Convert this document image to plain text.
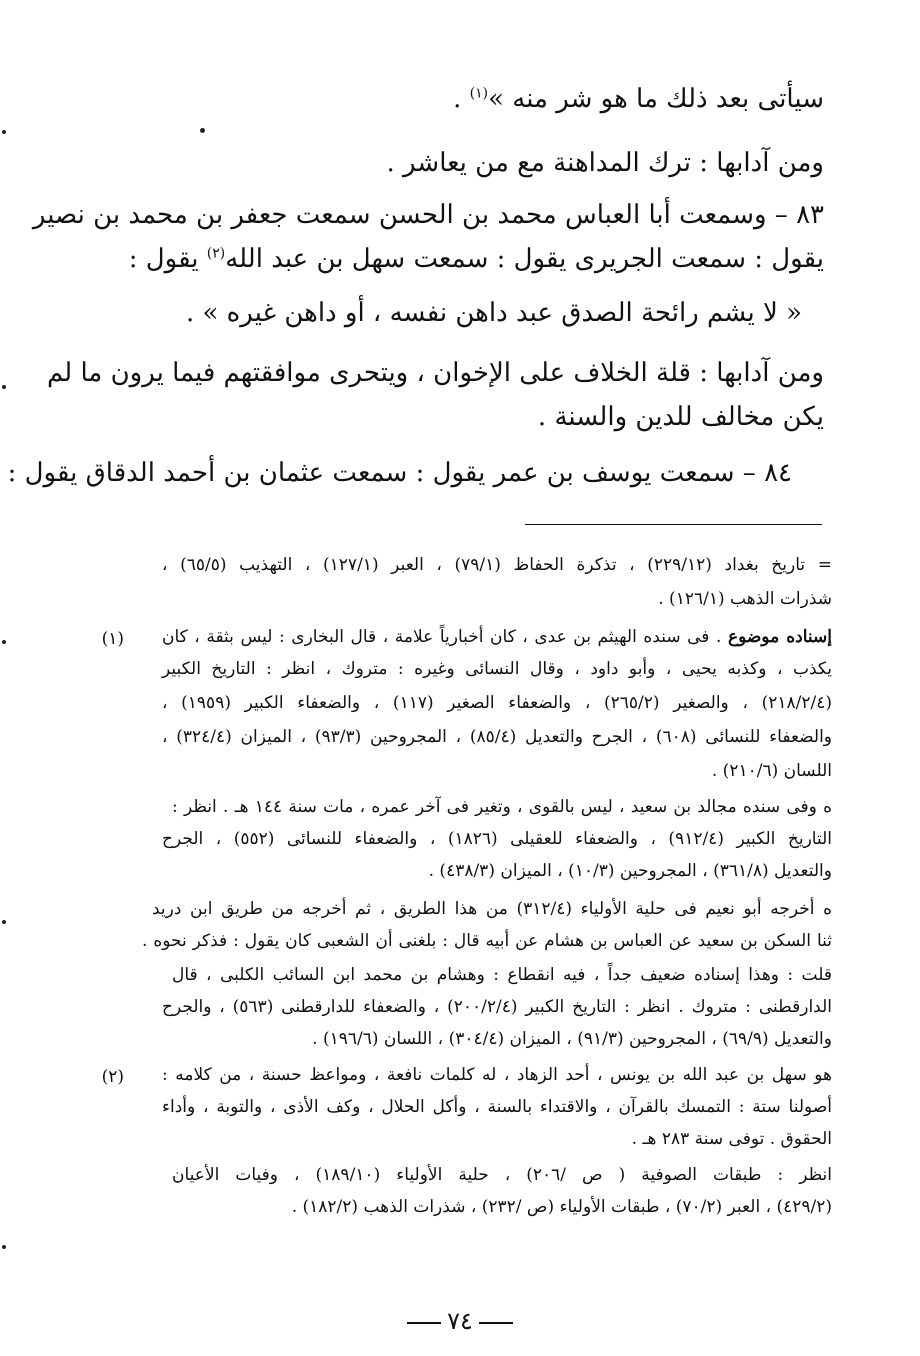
سيأتى بعد ذلك ما هو شر منه »$^{(١)}$ .
ومن آدابها : ترك المداهنة مع من يعاشر .
٨٣ – وسمعت أبا العباس محمد بن الحسن سمعت جعفر بن محمد بن نصير
يقول : سمعت الجريرى يقول : سمعت سهل بن عبد الله$^{(٢)}$ يقول :
« لا يشم رائحة الصدق عبد داهن نفسه ، أو داهن غيره » .
ومن آدابها : قلة الخلاف على الإخوان ، ويتحرى موافقتهم فيما يرون ما لم
يكن مخالف للدين والسنة .
٨٤ – سمعت يوسف بن عمر يقول : سمعت عثمان بن أحمد الدقاق يقول :
= تاريخ بغداد (٢٢٩/١٢) ، تذكرة الحفاظ (٧٩/١) ، العبر (١٢٧/١) ، التهذيب (٦٥/٥) ،
شذرات الذهب (١٢٦/١) .
(١)	إسناده موضوع . فى سنده الهيثم بن عدى ، كان أخبارياً علامة ، قال البخارى : ليس بثقة ، كان
يكذب ، وكذبه يحيى ، وأبو داود ، وقال النسائى وغيره : متروك ، انظر : التاريخ الكبير
(٢١٨/٢/٤) ، والصغير (٢٦٥/٢) ، والضعفاء الصغير (١١٧) ، والضعفاء الكبير (١٩٥٩) ،
والضعفاء للنسائى (٦٠٨) ، الجرح والتعديل (٨٥/٤) ، المجروحين (٩٣/٣) ، الميزان (٣٢٤/٤) ،
اللسان (٢١٠/٦) .
ه وفى سنده مجالد بن سعيد ، ليس بالقوى ، وتغير فى آخر عمره ، مات سنة ١٤٤ هـ . انظر :
التاريخ الكبير (٩١٢/٤) ، والضعفاء للعقيلى (١٨٢٦) ، والضعفاء للنسائى (٥٥٢) ، الجرح
والتعديل (٣٦١/٨) ، المجروحين (١٠/٣) ، الميزان (٤٣٨/٣) .
ه أخرجه أبو نعيم فى حلية الأولياء (٣١٢/٤) من هذا الطريق ، ثم أخرجه من طريق ابن دريد
ثنا السكن بن سعيد عن العباس بن هشام عن أبيه قال : بلغنى أن الشعبى كان يقول : فذكر نحوه .
قلت : وهذا إسناده ضعيف جداً ، فيه انقطاع : وهشام بن محمد ابن السائب الكلبى ، قال
الدارقطنى : متروك . انظر : التاريخ الكبير (٢٠٠/٢/٤) ، والضعفاء للدارقطنى (٥٦٣) ، والجرح
والتعديل (٦٩/٩) ، المجروحين (٩١/٣) ، الميزان (٣٠٤/٤) ، اللسان (١٩٦/٦) .
(٢) هو سهل بن عبد الله بن يونس ، أحد الزهاد ، له كلمات نافعة ، ومواعظ حسنة ، من كلامه :
أصولنا ستة : التمسك بالقرآن ، والاقتداء بالسنة ، وأكل الحلال ، وكف الأذى ، والتوبة ، وأداء
الحقوق . توفى سنة ٢٨٣ هـ .
انظر : طبقات الصوفية ( ص /٢٠٦) ، حلية الأولياء (١٨٩/١٠) ، وفيات الأعيان
(٤٢٩/٢) ، العبر (٧٠/٢) ، طبقات الأولياء (ص /٢٣٢) ، شذرات الذهب (١٨٢/٢) .
٧٤
